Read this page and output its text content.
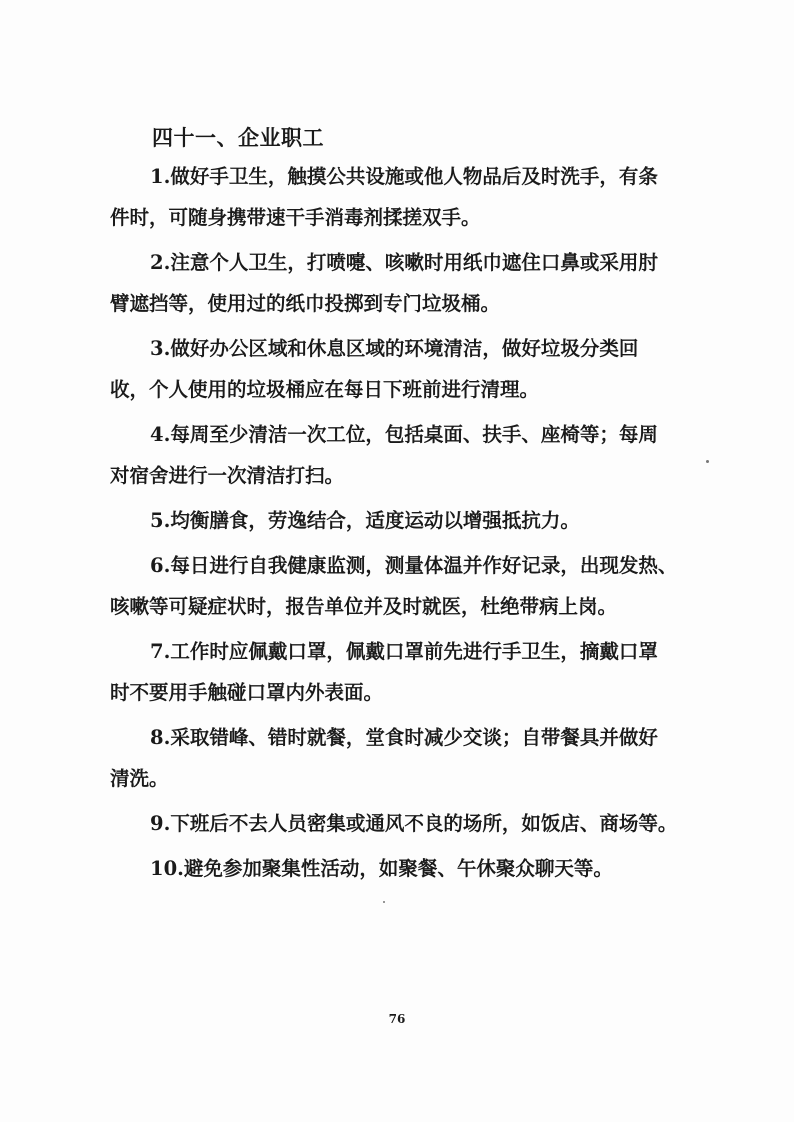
四十一、企业职工
1.做好手卫生，触摸公共设施或他人物品后及时洗手，有条
件时，可随身携带速干手消毒剂揉搓双手。
2.注意个人卫生，打喷嚏、咳嗽时用纸巾遮住口鼻或采用肘
臂遮挡等，使用过的纸巾投掷到专门垃圾桶。
3.做好办公区域和休息区域的环境清洁，做好垃圾分类回
收，个人使用的垃圾桶应在每日下班前进行清理。
4.每周至少清洁一次工位，包括桌面、扶手、座椅等；每周
对宿舍进行一次清洁打扫。
5.均衡膳食，劳逸结合，适度运动以增强抵抗力。
6.每日进行自我健康监测，测量体温并作好记录，出现发热、
咳嗽等可疑症状时，报告单位并及时就医，杜绝带病上岗。
7.工作时应佩戴口罩，佩戴口罩前先进行手卫生，摘戴口罩
时不要用手触碰口罩内外表面。
8.采取错峰、错时就餐，堂食时减少交谈；自带餐具并做好
清洗。
9.下班后不去人员密集或通风不良的场所，如饭店、商场等。
10.避免参加聚集性活动，如聚餐、午休聚众聊天等。
76
